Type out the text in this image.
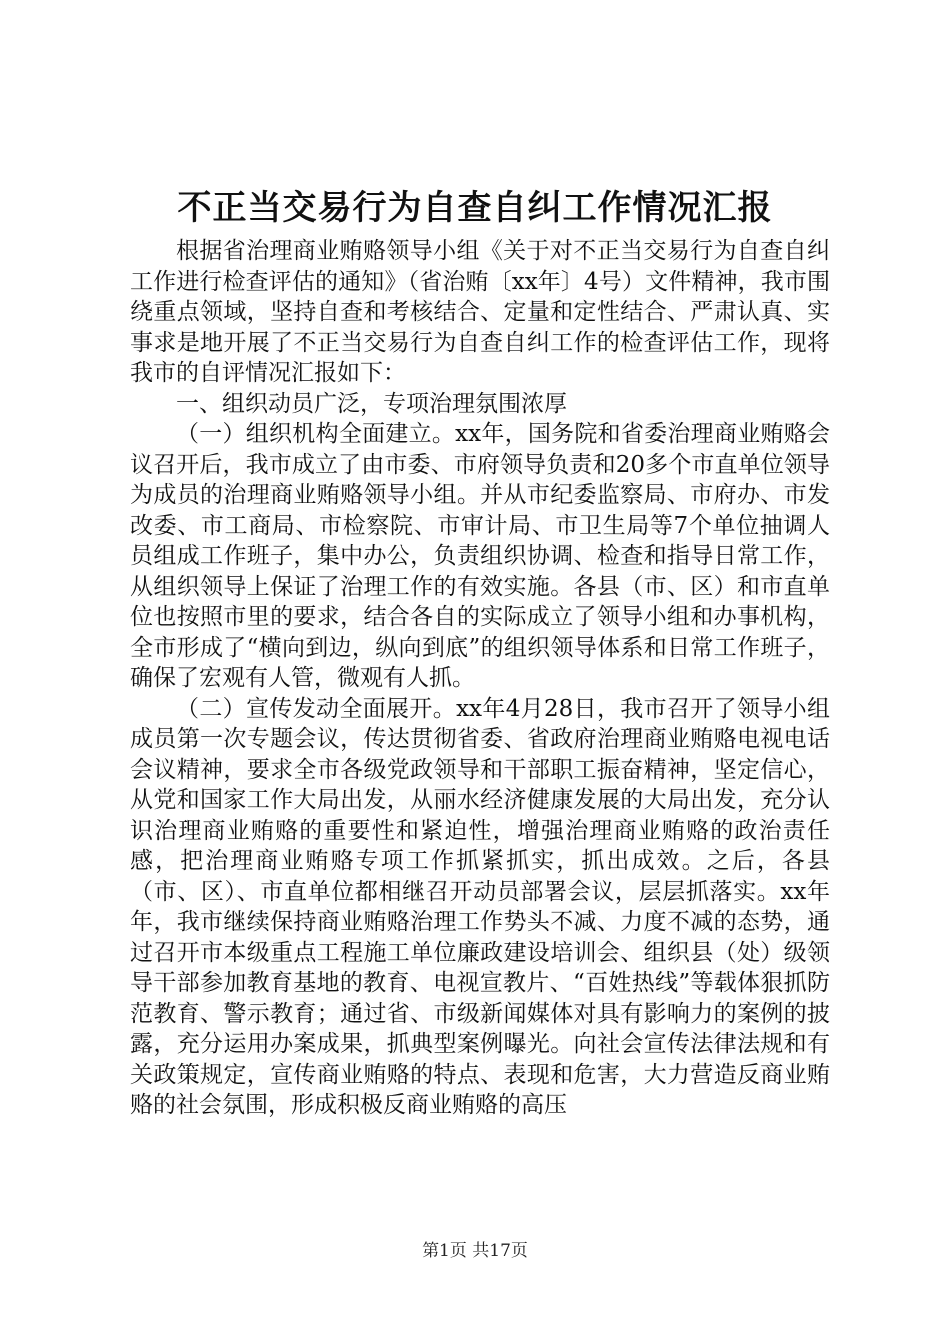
不正当交易行为自查自纠工作情况汇报

根据省治理商业贿赂领导小组《关于对不正当交易行为自查自纠工作进行检查评估的通知》（省治贿〔xx年〕4号）文件精神，我市围绕重点领域，坚持自查和考核结合、定量和定性结合、严肃认真、实事求是地开展了不正当交易行为自查自纠工作的检查评估工作，现将我市的自评情况汇报如下：

一、组织动员广泛，专项治理氛围浓厚

（一）组织机构全面建立。xx年，国务院和省委治理商业贿赂会议召开后，我市成立了由市委、市府领导负责和20多个市直单位领导为成员的治理商业贿赂领导小组。并从市纪委监察局、市府办、市发改委、市工商局、市检察院、市审计局、市卫生局等7个单位抽调人员组成工作班子，集中办公，负责组织协调、检查和指导日常工作，从组织领导上保证了治理工作的有效实施。各县（市、区）和市直单位也按照市里的要求，结合各自的实际成立了领导小组和办事机构，全市形成了“横向到边，纵向到底”的组织领导体系和日常工作班子，确保了宏观有人管，微观有人抓。

（二）宣传发动全面展开。xx年4月28日，我市召开了领导小组成员第一次专题会议，传达贯彻省委、省政府治理商业贿赂电视电话会议精神，要求全市各级党政领导和干部职工振奋精神，坚定信心，从党和国家工作大局出发，从丽水经济健康发展的大局出发，充分认识治理商业贿赂的重要性和紧迫性，增强治理商业贿赂的政治责任感，把治理商业贿赂专项工作抓紧抓实，抓出成效。之后，各县（市、区）、市直单位都相继召开动员部署会议，层层抓落实。xx年年，我市继续保持商业贿赂治理工作势头不减、力度不减的态势，通过召开市本级重点工程施工单位廉政建设培训会、组织县（处）级领导干部参加教育基地的教育、电视宣教片、“百姓热线”等载体狠抓防范教育、警示教育；通过省、市级新闻媒体对具有影响力的案例的披露，充分运用办案成果，抓典型案例曝光。向社会宣传法律法规和有关政策规定，宣传商业贿赂的特点、表现和危害，大力营造反商业贿赂的社会氛围，形成积极反商业贿赂的高压

第1页 共17页
